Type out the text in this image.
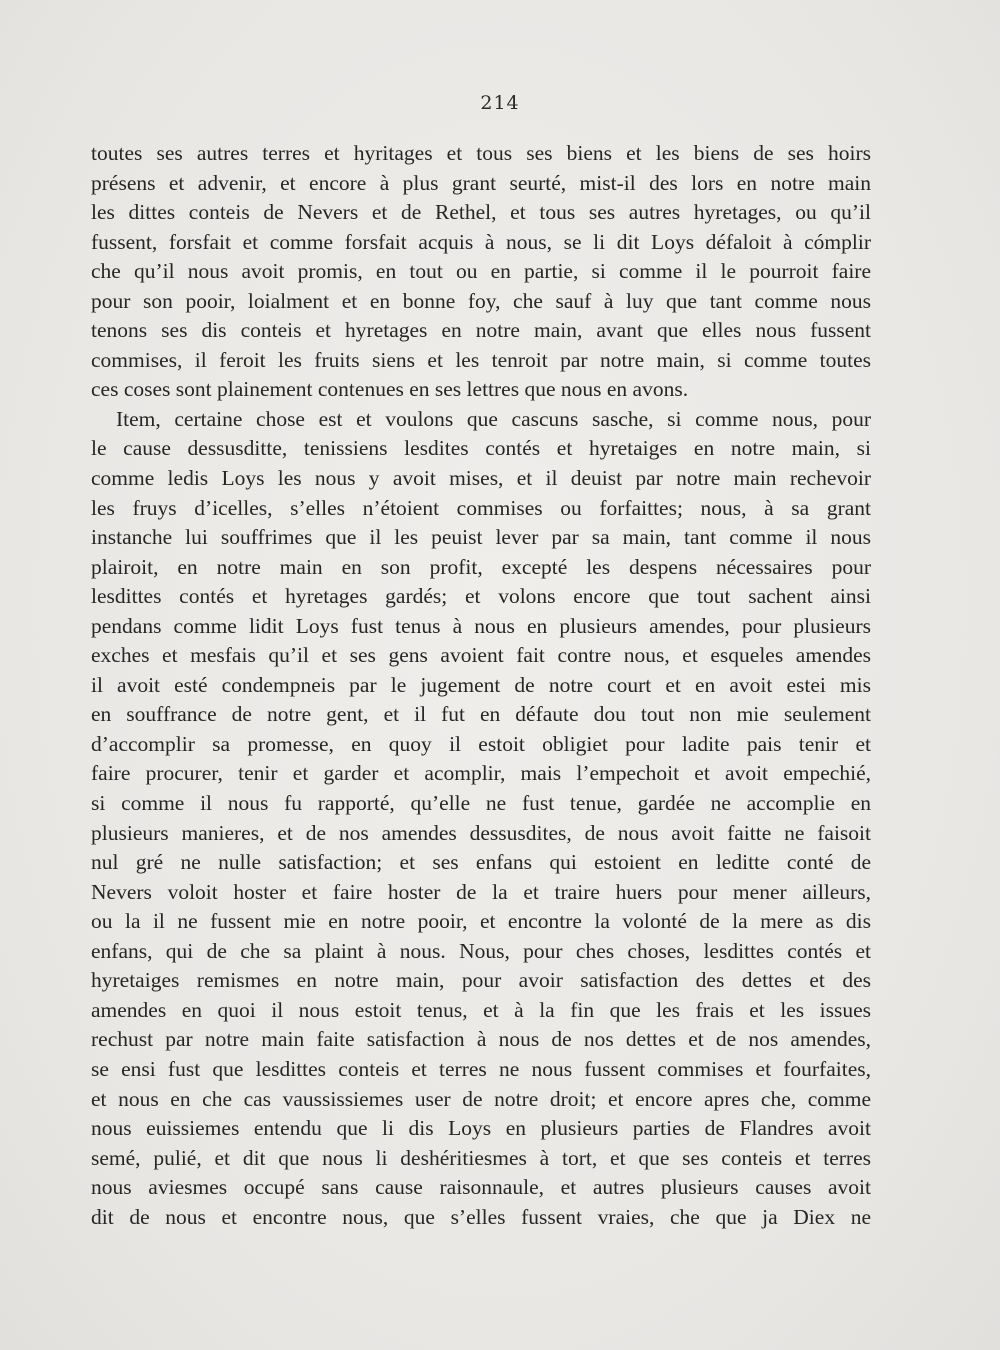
214

toutes ses autres terres et hyritages et tous ses biens et les biens de ses hoirs
présens et advenir, et encore à plus grant seurté, mist-il des lors en notre main
les dittes conteis de Nevers et de Rethel, et tous ses autres hyretages, ou qu’il
fussent, forsfait et comme forsfait acquis à nous, se li dit Loys défaloit à cómplir
che qu’il nous avoit promis, en tout ou en partie, si comme il le pourroit faire
pour son pooir, loialment et en bonne foy, che sauf à luy que tant comme nous
tenons ses dis conteis et hyretages en notre main, avant que elles nous fussent
commises, il feroit les fruits siens et les tenroit par notre main, si comme toutes
ces coses sont plainement contenues en ses lettres que nous en avons.

Item, certaine chose est et voulons que cascuns sasche, si comme nous, pour
le cause dessusditte, tenissiens lesdites contés et hyretaiges en notre main, si
comme ledis Loys les nous y avoit mises, et il deuist par notre main rechevoir
les fruys d’icelles, s’elles n’étoient commises ou forfaittes; nous, à sa grant
instanche lui souffrimes que il les peuist lever par sa main, tant comme il nous
plairoit, en notre main en son profit, excepté les despens nécessaires pour
lesdittes contés et hyretages gardés; et volons encore que tout sachent ainsi
pendans comme lidit Loys fust tenus à nous en plusieurs amendes, pour plusieurs
exches et mesfais qu’il et ses gens avoient fait contre nous, et esqueles amendes
il avoit esté condempneis par le jugement de notre court et en avoit estei mis
en souffrance de notre gent, et il fut en défaute dou tout non mie seulement
d’accomplir sa promesse, en quoy il estoit obligiet pour ladite pais tenir et
faire procurer, tenir et garder et acomplir, mais l’empechoit et avoit empechié,
si comme il nous fu rapporté, qu’elle ne fust tenue, gardée ne accomplie en
plusieurs manieres, et de nos amendes dessusdites, de nous avoit faitte ne faisoit
nul gré ne nulle satisfaction; et ses enfans qui estoient en leditte conté de
Nevers voloit hoster et faire hoster de la et traire huers pour mener ailleurs,
ou la il ne fussent mie en notre pooir, et encontre la volonté de la mere as dis
enfans, qui de che sa plaint à nous. Nous, pour ches choses, lesdittes contés et
hyretaiges remismes en notre main, pour avoir satisfaction des dettes et des
amendes en quoi il nous estoit tenus, et à la fin que les frais et les issues
rechust par notre main faite satisfaction à nous de nos dettes et de nos amendes,
se ensi fust que lesdittes conteis et terres ne nous fussent commises et fourfaites,
et nous en che cas vaussissiemes user de notre droit; et encore apres che, comme
nous euissiemes entendu que li dis Loys en plusieurs parties de Flandres avoit
semé, pulié, et dit que nous li deshéritiesmes à tort, et que ses conteis et terres
nous aviesmes occupé sans cause raisonnaule, et autres plusieurs causes avoit
dit de nous et encontre nous, que s’elles fussent vraies, che que ja Diex ne
